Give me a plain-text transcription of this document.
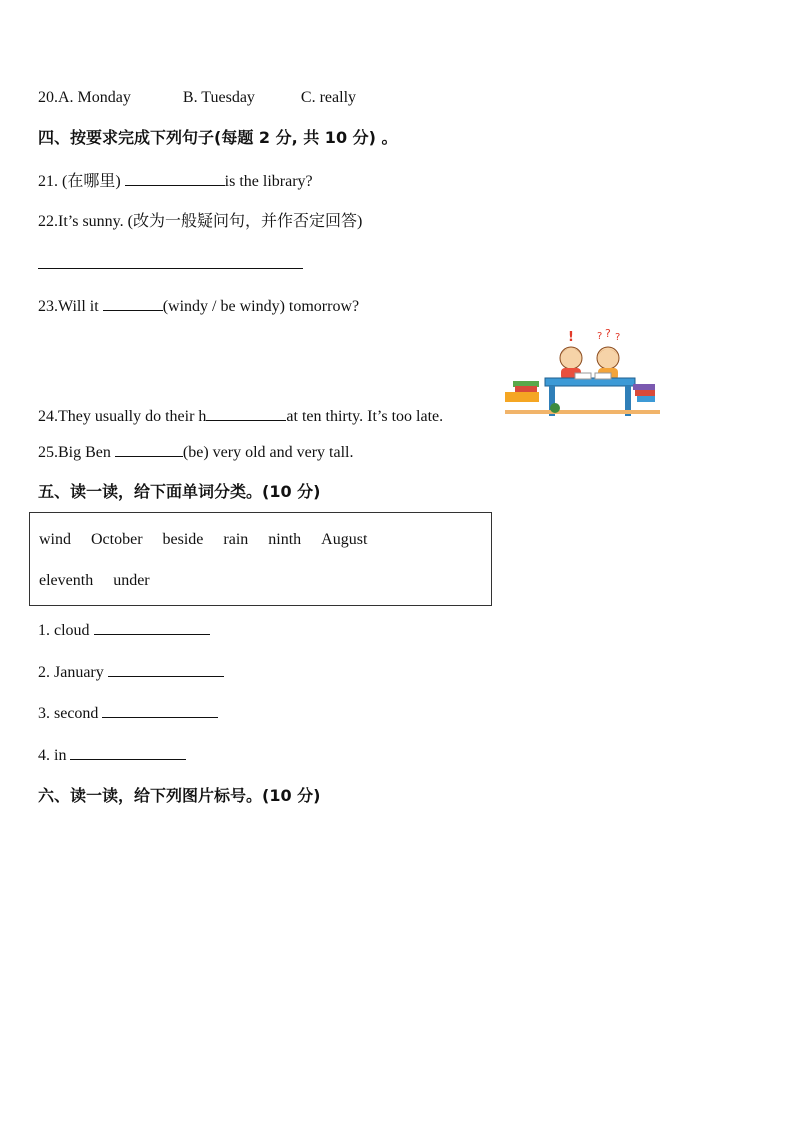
20.A. Monday	B. Tuesday	C. really
四、按要求完成下列句子(每题 2 分, 共 10 分) 。
21. (在哪里)	is the library?
22.It’s sunny. (改为一般疑问句，并作否定回答)
23.Will it	(windy / be windy) tomorrow?
! ? ? ?
24.They usually do their h	at ten thirty. It’s too late.
25.Big Ben	(be) very old and very tall.
五、读一读，给下面单词分类。(10 分)
wind October beside rain ninth August
eleventh under
1. cloud
2. January
3. second
4. in
六、读一读，给下列图片标号。(10 分)
